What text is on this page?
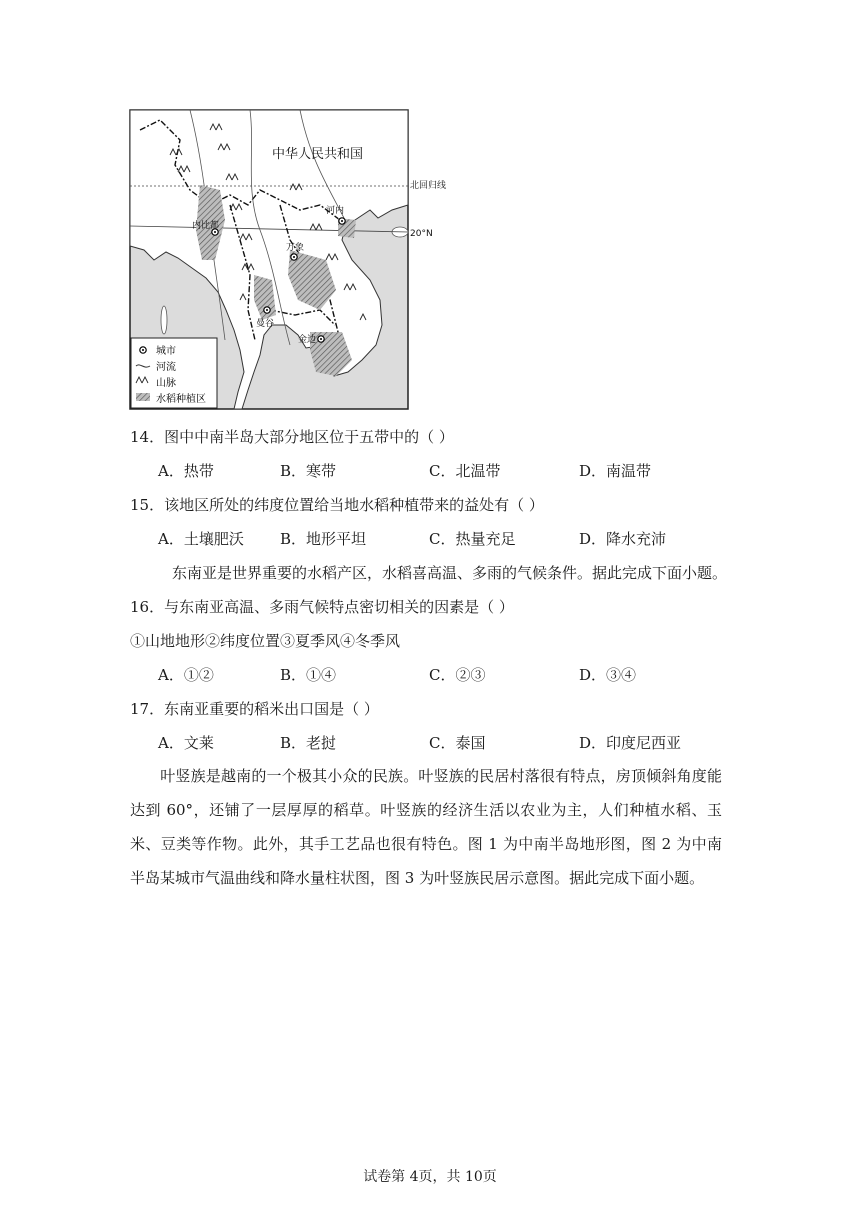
中华人民共和国
北回归线
20°N
内比都
河内
万象
曼谷
金边
城市
河流
山脉
水稻种植区
14．图中中南半岛大部分地区位于五带中的（ ）
A．热带	B．寒带	C．北温带	D．南温带
15．该地区所处的纬度位置给当地水稻种植带来的益处有（ ）
A．土壤肥沃 B．地形平坦	C．热量充足	D．降水充沛
东南亚是世界重要的水稻产区，水稻喜高温、多雨的气候条件。据此完成下面小题。
16．与东南亚高温、多雨气候特点密切相关的因素是（ ）
①山地地形②纬度位置③夏季风④冬季风
A．①②	B．①④	C．②③	D．③④
17．东南亚重要的稻米出口国是（ ）
A．文莱	B．老挝	C．泰国	D．印度尼西亚
叶竖族是越南的一个极其小众的民族。叶竖族的民居村落很有特点，房顶倾斜角度能达到 60°，还铺了一层厚厚的稻草。叶竖族的经济生活以农业为主，人们种植水稻、玉米、豆类等作物。此外，其手工艺品也很有特色。图 1 为中南半岛地形图，图 2 为中南半岛某城市气温曲线和降水量柱状图，图 3 为叶竖族民居示意图。据此完成下面小题。
试卷第 4页，共 10页
